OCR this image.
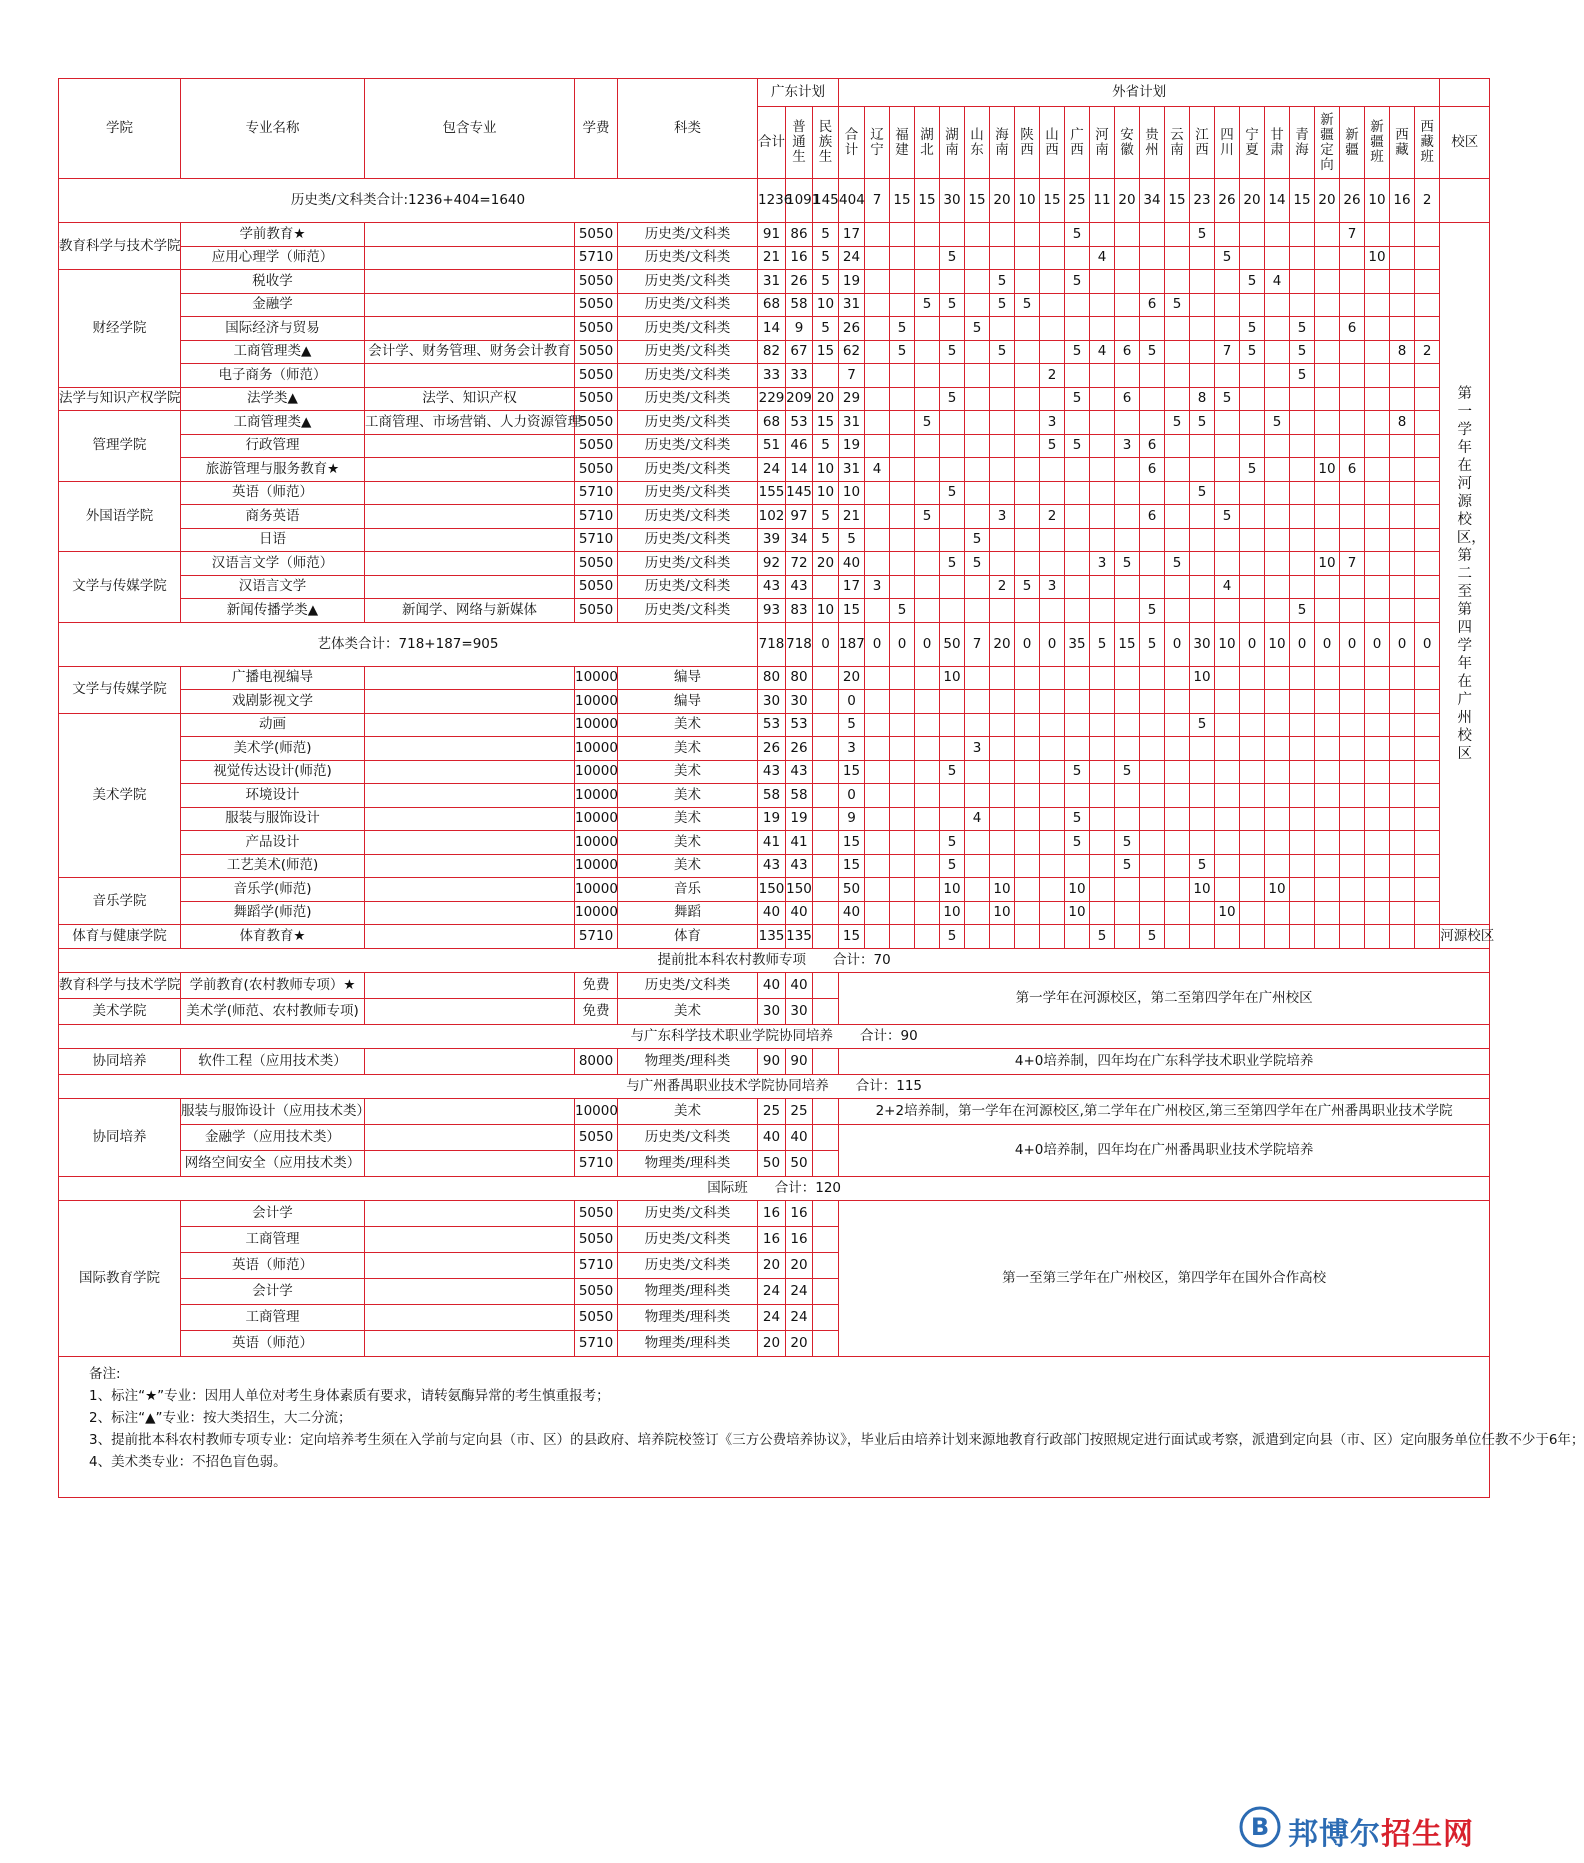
学院	专业名称	包含专业	学费	科类	广东计划			外省计划																								
					合计	普通生	民族生	合计	辽宁	福建	湖北	湖南	山东	海南	陕西	山西	广西	河南	安徽	贵州	云南	江西	四川	宁夏	甘肃	青海	新疆定向	新疆	新疆班	西藏	西藏班	校区
历史类/文科类合计:1236+404=1640					1236	1091	145	404	7	15	15	30	15	20	10	15	25	11	20	34	15	23	26	20	14	15	20	26	10	16	2	
教育科学与技术学院	学前教育★		5050	历史类/文科类	91	86	5	17									5					5						7				第一学年在河源校区，第二至第四学年在广州校区

	应用心理学（师范）		5710	历史类/文科类	21	16	5	24				5						4					5						10			
财经学院	税收学		5050	历史类/文科类	31	26	5	19						5			5							5	4							
	金融学		5050	历史类/文科类	68	58	10	31			5	5		5	5					6	5											
	国际经济与贸易		5050	历史类/文科类	14	9	5	26		5			5											5		5		6				
	工商管理类▲	会计学、财务管理、财务会计教育	5050	历史类/文科类	82	67	15	62		5		5		5			5	4	6	5			7	5		5				8	2	
	电子商务（师范）		5050	历史类/文科类	33	33		7								2										5						
法学与知识产权学院	法学类▲	法学、知识产权	5050	历史类/文科类	229	209	20	29				5					5		6			8	5									
管理学院	工商管理类▲	工商管理、市场营销、人力资源管理	5050	历史类/文科类	68	53	15	31			5					3					5	5			5					8		
	行政管理		5050	历史类/文科类	51	46	5	19								5	5		3	6												
	旅游管理与服务教育★		5050	历史类/文科类	24	14	10	31	4											6				5			10	6				
外国语学院	英语（师范）		5710	历史类/文科类	155	145	10	10				5										5										
	商务英语		5710	历史类/文科类	102	97	5	21			5			3		2				6			5									
	日语		5710	历史类/文科类	39	34	5	5					5																			
文学与传媒学院	汉语言文学（师范）		5050	历史类/文科类	92	72	20	40				5	5					3	5		5						10	7				
	汉语言文学		5050	历史类/文科类	43	43		17	3					2	5	3							4									
	新闻传播学类▲	新闻学、网络与新媒体	5050	历史类/文科类	93	83	10	15		5										5						5						
艺体类合计：718+187=905					718	718	0	187	0	0	0	50	7	20	0	0	35	5	15	5	0	30	10	0	10	0	0	0	0	0	0	
文学与传媒学院	广播电视编导		10000	编导	80	80		20				10										10										
	戏剧影视文学		10000	编导	30	30		0																								
美术学院	动画		10000	美术	53	53		5														5										
	美术学(师范)		10000	美术	26	26		3					3																			
	视觉传达设计(师范)		10000	美术	43	43		15				5					5		5													
	环境设计		10000	美术	58	58		0																								
	服装与服饰设计		10000	美术	19	19		9					4				5															
	产品设计		10000	美术	41	41		15				5					5		5													
	工艺美术(师范)		10000	美术	43	43		15				5							5			5										
音乐学院	音乐学(师范)		10000	音乐	150	150		50				10		10			10					10			10							
	舞蹈学(师范)		10000	舞蹈	40	40		40				10		10			10						10									
体育与健康学院	体育教育★		5710	体育	135	135		15				5						5		5												河源校区
提前批本科农村教师专项　　合计：70																																
教育科学与技术学院	学前教育(农村教师专项）★		免费	历史类/文科类	40	40		第一学年在河源校区，第二至第四学年在广州校区																								
美术学院	美术学(师范、农村教师专项)		免费	美术	30	30																										
与广东科学技术职业学院协同培养　　合计：90																																
协同培养	软件工程（应用技术类）		8000	物理类/理科类	90	90		4+0培养制，四年均在广东科学技术职业学院培养																								
与广州番禺职业技术学院协同培养　　合计：115																																
协同培养	服装与服饰设计（应用技术类）		10000	美术	25	25		2+2培养制，第一学年在河源校区,第二学年在广州校区,第三至第四学年在广州番禺职业技术学院																								
	金融学（应用技术类）		5050	历史类/文科类	40	40		4+0培养制，四年均在广州番禺职业技术学院培养																								
	网络空间安全（应用技术类）		5710	物理类/理科类	50	50																										
国际班　　合计：120																																
国际教育学院	会计学		5050	历史类/文科类	16	16		第一至第三学年在广州校区，第四学年在国外合作高校																								
	工商管理		5050	历史类/文科类	16	16																										
	英语（师范）		5710	历史类/文科类	20	20																										
	会计学		5050	物理类/理科类	24	24																										
	工商管理		5050	物理类/理科类	24	24																										
	英语（师范）		5710	物理类/理科类	20	20																										

备注:
1、标注“★”专业：因用人单位对考生身体素质有要求，请转氨酶异常的考生慎重报考；
2、标注“▲”专业：按大类招生，大二分流；
3、提前批本科农村教师专项专业：定向培养考生须在入学前与定向县（市、区）的县政府、培养院校签订《三方公费培养协议》，毕业后由培养计划来源地教育行政部门按照规定进行面试或考察，派遣到定向县（市、区）定向服务单位任教不少于6年；
4、美术类专业：不招色盲色弱。																																
B 邦博尔招生网
